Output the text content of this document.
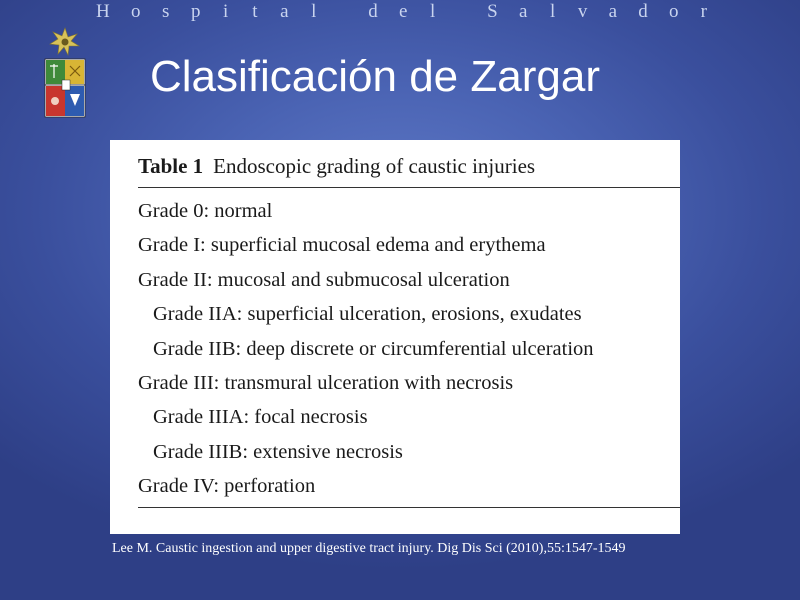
H o s p i t a l
	d e l
	S a l v a d o r
Clasificación de Zargar
Table 1 Endoscopic grading of caustic injuries
Grade 0: normal
Grade I: superficial mucosal edema and erythema
Grade II: mucosal and submucosal ulceration
Grade IIA: superficial ulceration, erosions, exudates
Grade IIB: deep discrete or circumferential ulceration
Grade III: transmural ulceration with necrosis
Grade IIIA: focal necrosis
Grade IIIB: extensive necrosis
Grade IV: perforation
Lee M. Caustic ingestion and upper digestive tract injury. Dig Dis Sci (2010),55:1547-1549
